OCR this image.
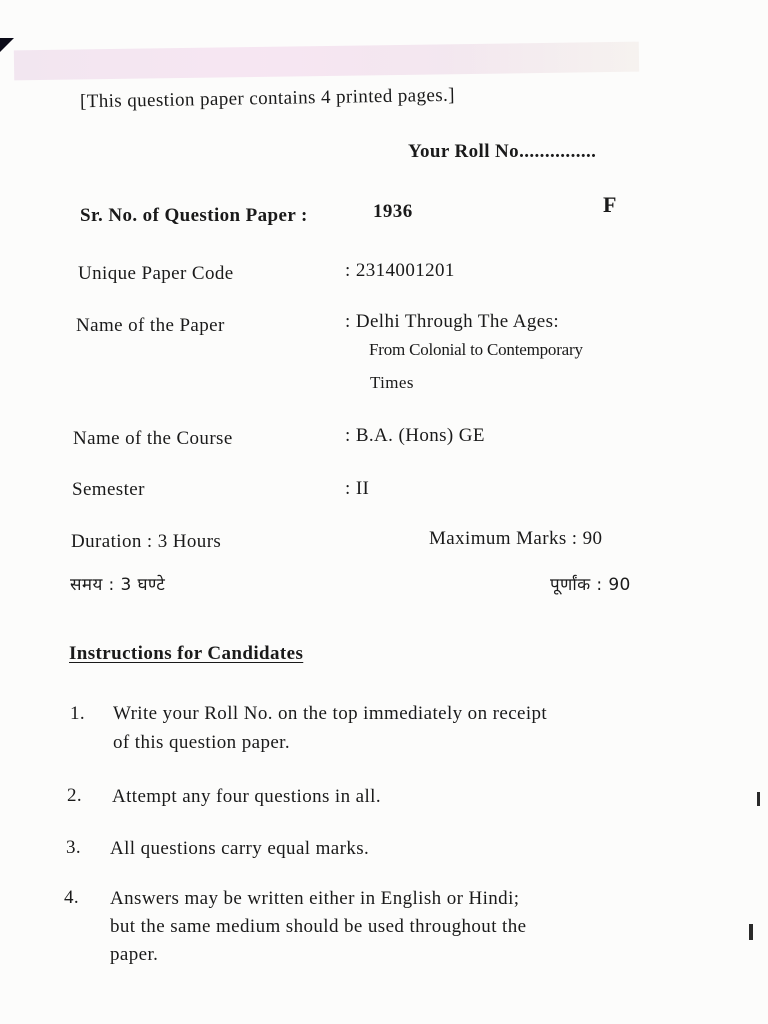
[This question paper contains 4 printed pages.]
Your Roll No...............
F
Sr. No. of Question Paper :	1936
Unique Paper Code	: 2314001201
Name of the Paper	: Delhi Through The Ages:
From Colonial to Contemporary
Times
Name of the Course	: B.A. (Hons) GE
Semester	: II
Duration : 3 Hours	Maximum Marks : 90
समय : 3 घण्टे	पूर्णांक : 90
Instructions for Candidates
1. Write your Roll No. on the top immediately on receipt
of this question paper.
2. Attempt any four questions in all.
3. All questions carry equal marks.
4. Answers may be written either in English or Hindi;
but the same medium should be used throughout the
paper.
